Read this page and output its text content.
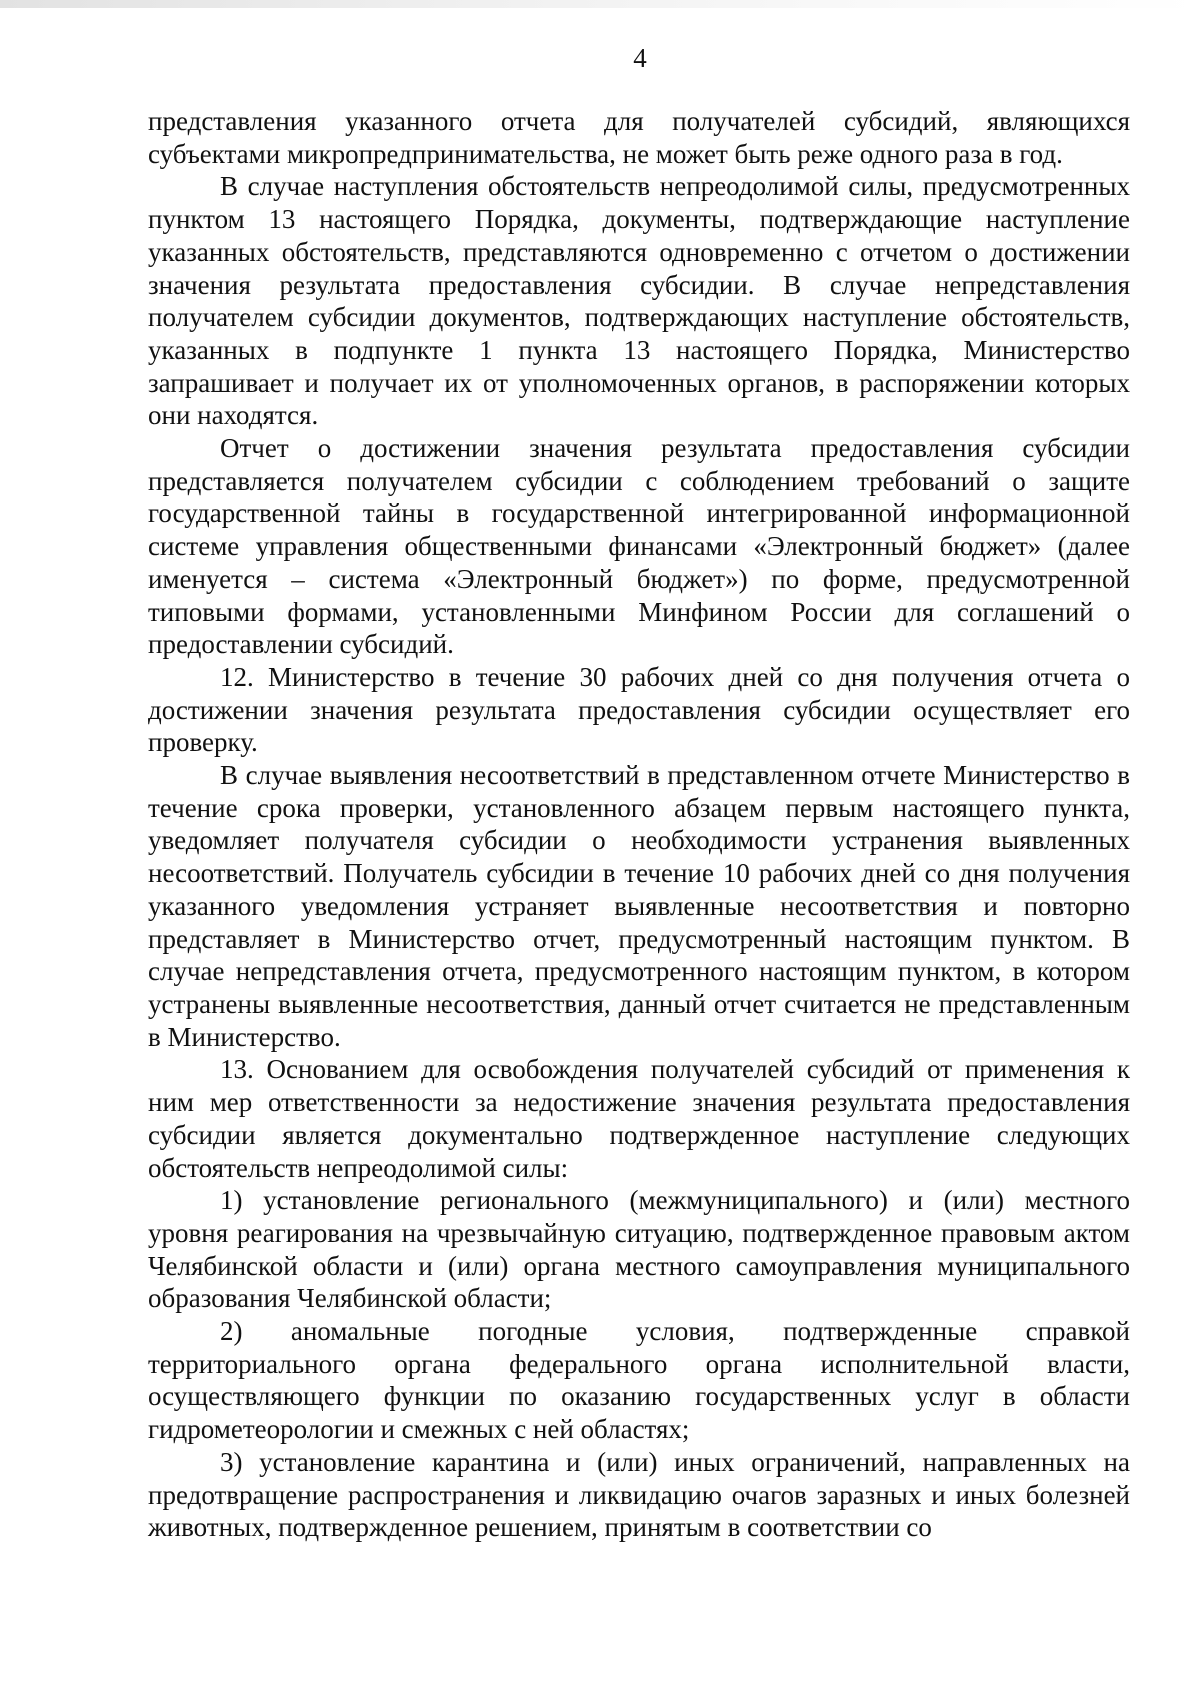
4

представления указанного отчета для получателей субсидий, являющихся субъектами микропредпринимательства, не может быть реже одного раза в год.

В случае наступления обстоятельств непреодолимой силы, предусмотренных пунктом 13 настоящего Порядка, документы, подтверждающие наступление указанных обстоятельств, представляются одновременно с отчетом о достижении значения результата предоставления субсидии. В случае непредставления получателем субсидии документов, подтверждающих наступление обстоятельств, указанных в подпункте 1 пункта 13 настоящего Порядка, Министерство запрашивает и получает их от уполномоченных органов, в распоряжении которых они находятся.

Отчет о достижении значения результата предоставления субсидии представляется получателем субсидии с соблюдением требований о защите государственной тайны в государственной интегрированной информационной системе управления общественными финансами «Электронный бюджет» (далее именуется – система «Электронный бюджет») по форме, предусмотренной типовыми формами, установленными Минфином России для соглашений о предоставлении субсидий.

12. Министерство в течение 30 рабочих дней со дня получения отчета о достижении значения результата предоставления субсидии осуществляет его проверку.

В случае выявления несоответствий в представленном отчете Министерство в течение срока проверки, установленного абзацем первым настоящего пункта, уведомляет получателя субсидии о необходимости устранения выявленных несоответствий. Получатель субсидии в течение 10 рабочих дней со дня получения указанного уведомления устраняет выявленные несоответствия и повторно представляет в Министерство отчет, предусмотренный настоящим пунктом. В случае непредставления отчета, предусмотренного настоящим пунктом, в котором устранены выявленные несоответствия, данный отчет считается не представленным в Министерство.

13. Основанием для освобождения получателей субсидий от применения к ним мер ответственности за недостижение значения результата предоставления субсидии является документально подтвержденное наступление следующих обстоятельств непреодолимой силы:

1) установление регионального (межмуниципального) и (или) местного уровня реагирования на чрезвычайную ситуацию, подтвержденное правовым актом Челябинской области и (или) органа местного самоуправления муниципального образования Челябинской области;

2) аномальные погодные условия, подтвержденные справкой территориального органа федерального органа исполнительной власти, осуществляющего функции по оказанию государственных услуг в области гидрометеорологии и смежных с ней областях;

3) установление карантина и (или) иных ограничений, направленных на предотвращение распространения и ликвидацию очагов заразных и иных болезней животных, подтвержденное решением, принятым в соответствии со
